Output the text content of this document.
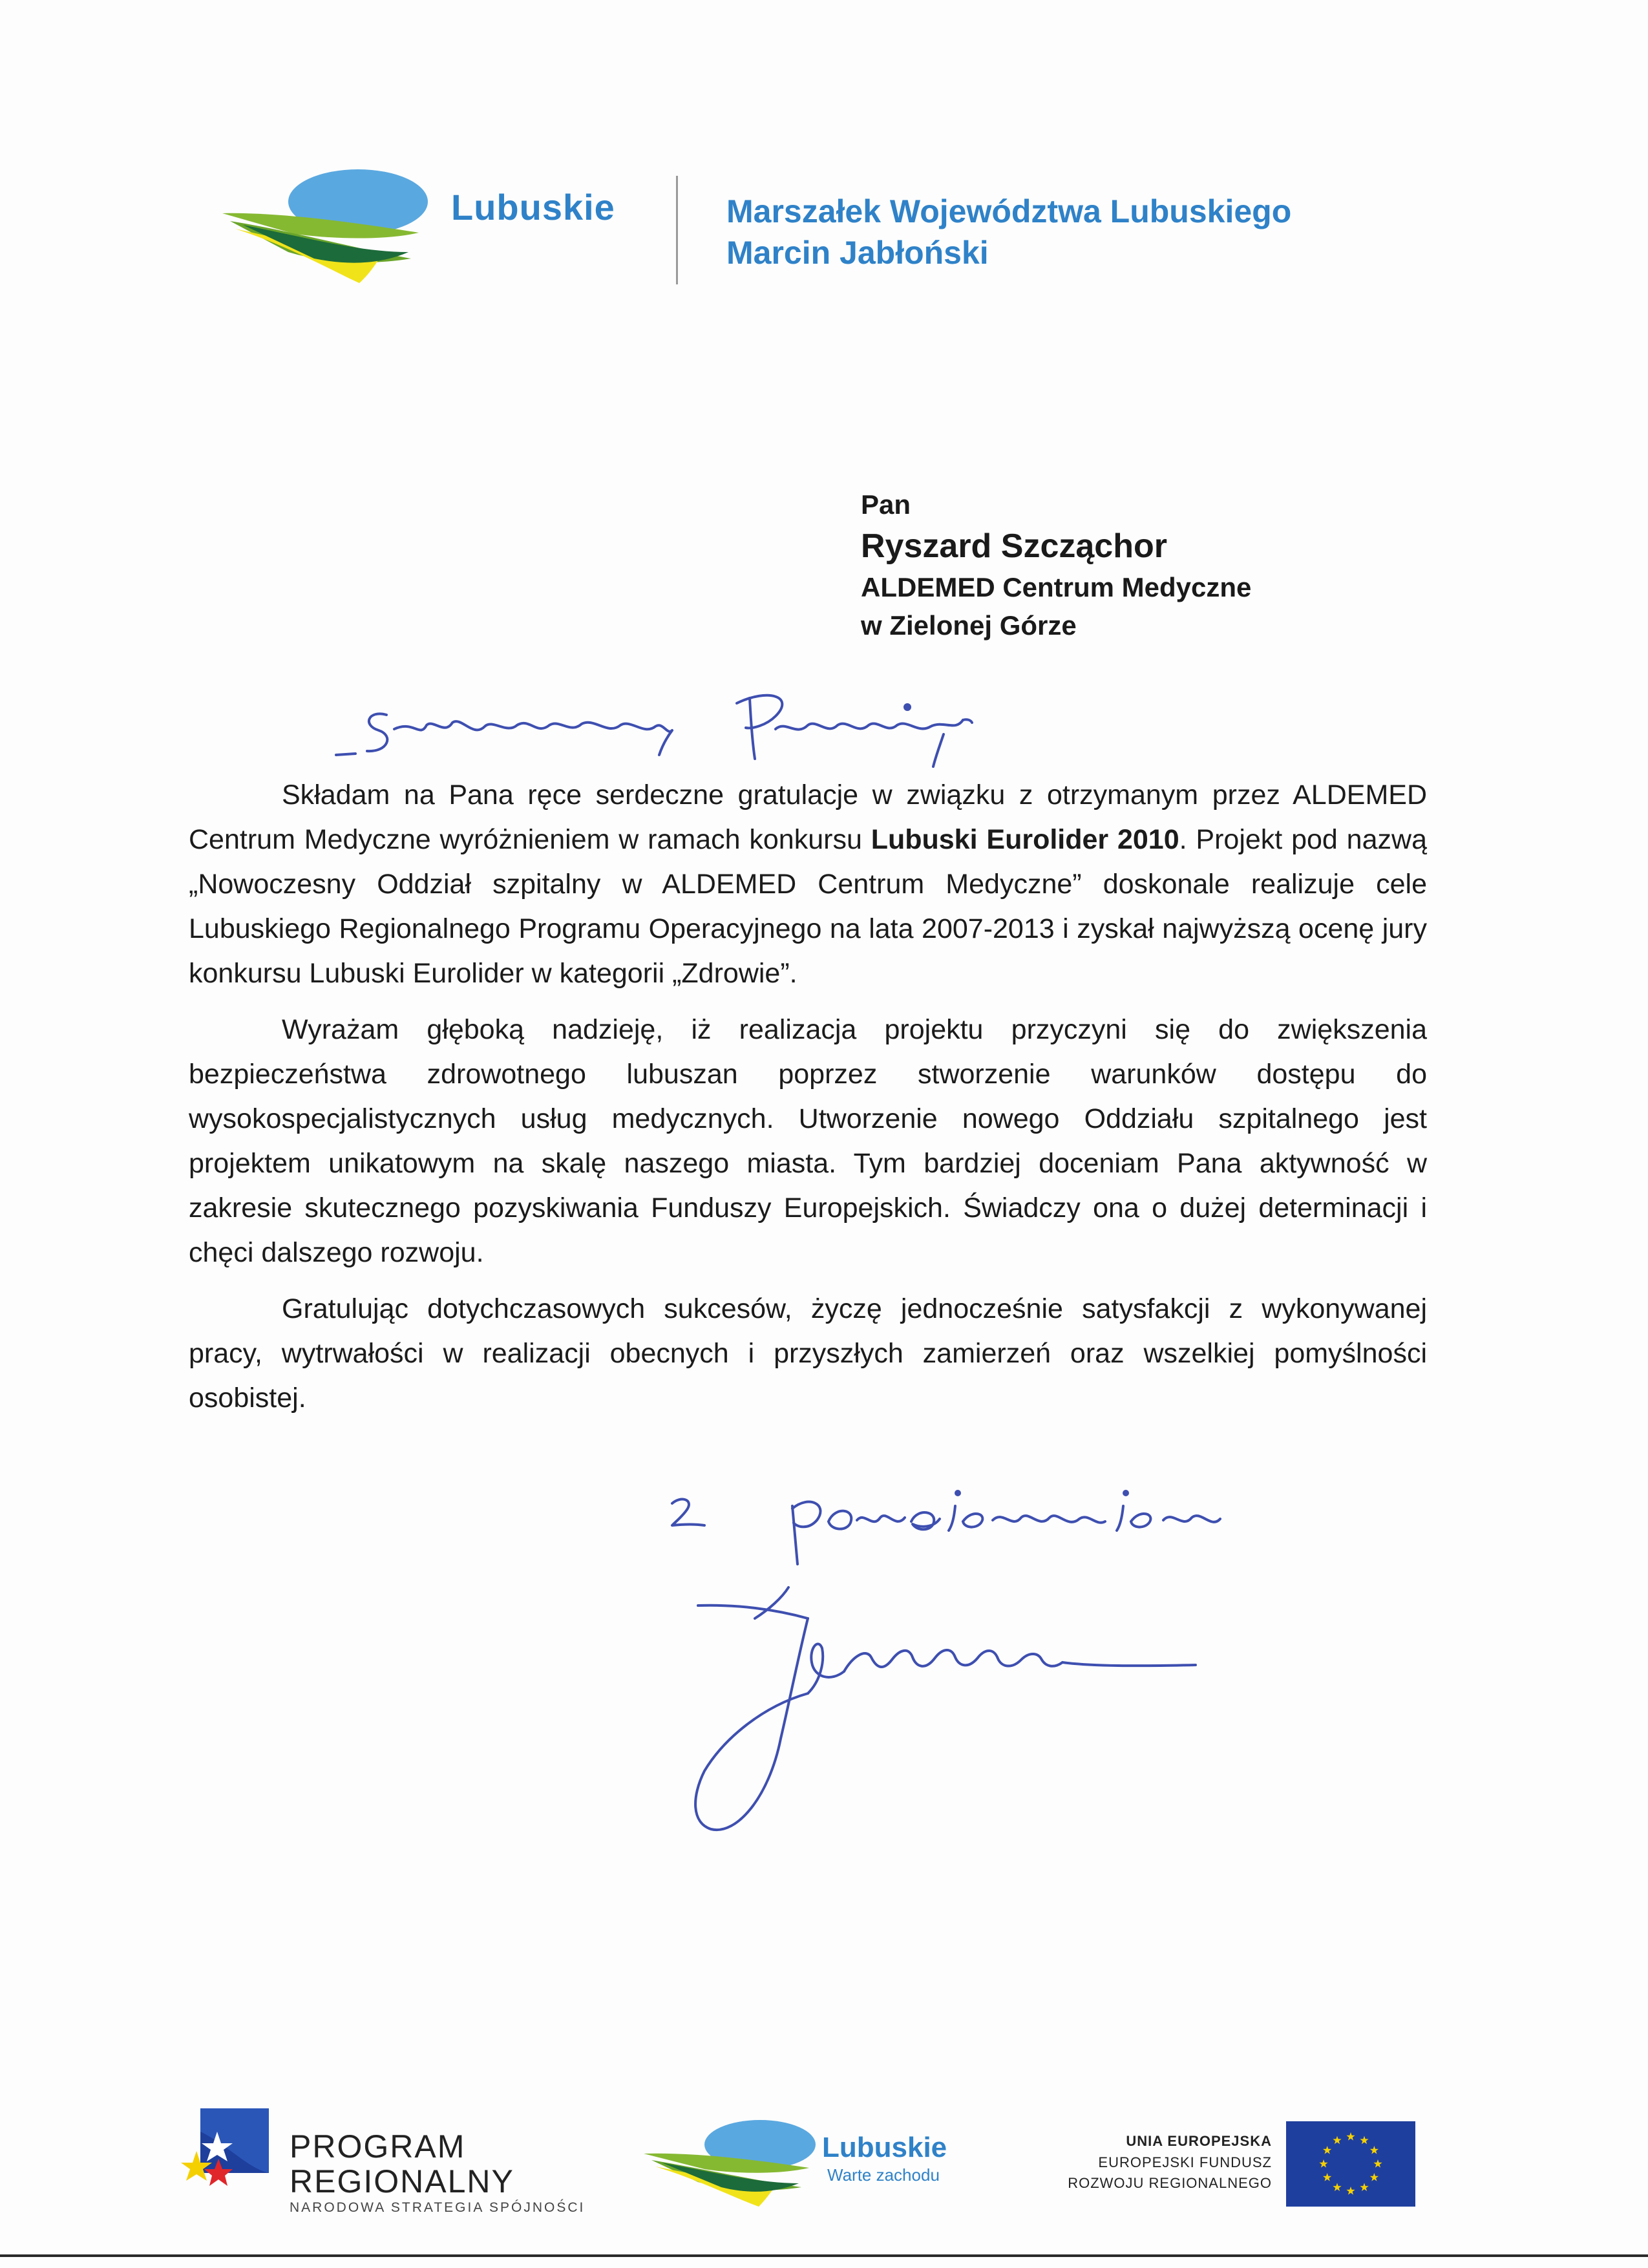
Lubuskie	Marszałek Województwa Lubuskiego
Marcin Jabłoński
Pan
Ryszard Szcząchor
ALDEMED Centrum Medyczne
w Zielonej Górze

Składam na Pana ręce serdeczne gratulacje w związku z otrzymanym przez ALDEMED Centrum Medyczne wyróżnieniem w ramach konkursu Lubuski Eurolider 2010. Projekt pod nazwą „Nowoczesny Oddział szpitalny w ALDEMED Centrum Medyczne” doskonale realizuje cele Lubuskiego Regionalnego Programu Operacyjnego na lata 2007-2013 i zyskał najwyższą ocenę jury konkursu Lubuski Eurolider w kategorii „Zdrowie”.

Wyrażam głęboką nadzieję, iż realizacja projektu przyczyni się do zwiększenia bezpieczeństwa zdrowotnego lubuszan poprzez stworzenie warunków dostępu do wysokospecjalistycznych usług medycznych. Utworzenie nowego Oddziału szpitalnego jest projektem unikatowym na skalę naszego miasta. Tym bardziej doceniam Pana aktywność w zakresie skutecznego pozyskiwania Funduszy Europejskich. Świadczy ona o dużej determinacji i chęci dalszego rozwoju.

Gratulując dotychczasowych sukcesów, życzę jednocześnie satysfakcji z wykonywanej pracy, wytrwałości w realizacji obecnych i przyszłych zamierzeń oraz wszelkiej pomyślności osobistej.

PROGRAM
REGIONALNY
NARODOWA STRATEGIA SPÓJNOŚCI
Lubuskie
Warte zachodu
UNIA EUROPEJSKA
EUROPEJSKI FUNDUSZ
ROZWOJU REGIONALNEGO
